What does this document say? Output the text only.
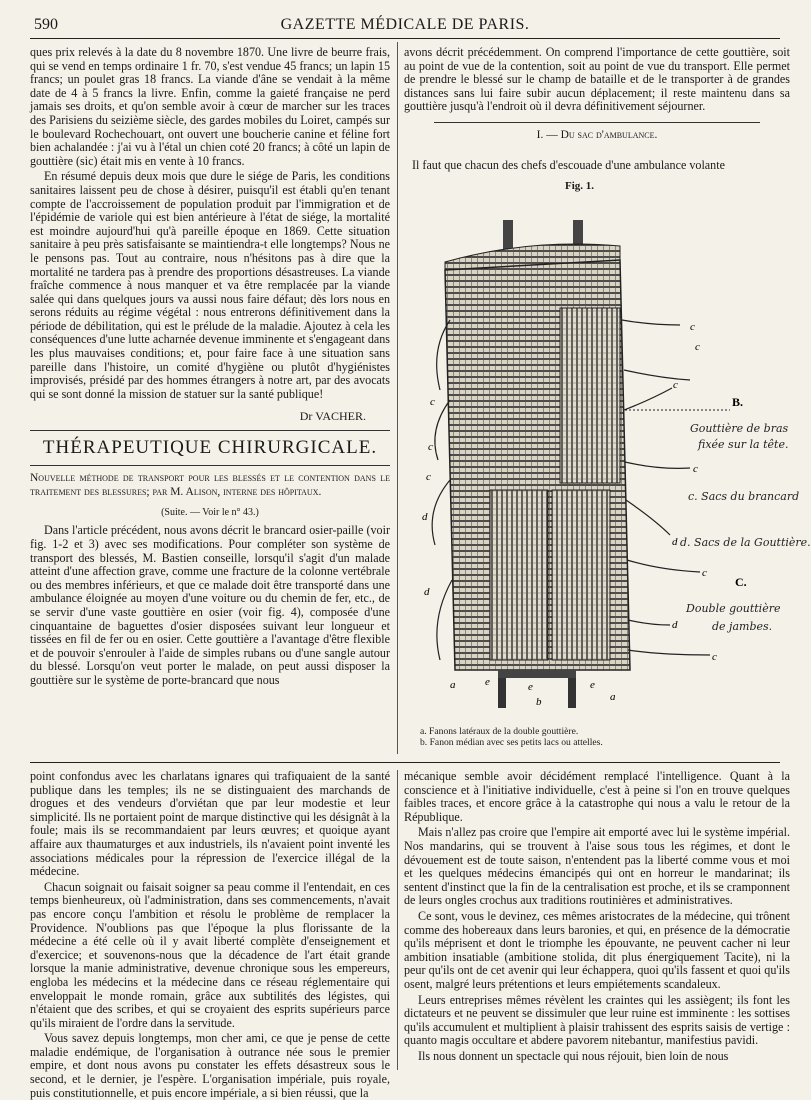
590	GAZETTE MÉDICALE DE PARIS.

ques prix relevés à la date du 8 novembre 1870. Une livre de beurre frais, qui se vend en temps ordinaire 1 fr. 70, s'est vendue 45 francs; un lapin 15 francs; un poulet gras 18 francs. La viande d'âne se vendait à la même date de 4 à 5 francs la livre. Enfin, comme la gaieté française ne perd jamais ses droits, et qu'on semble avoir à cœur de marcher sur les traces des Parisiens du seizième siècle, des gardes mobiles du Loiret, campés sur le boulevard Rochechouart, ont ouvert une boucherie canine et féline fort bien achalandée : j'ai vu à l'étal un chien coté 20 francs; à côté un lapin de gouttière (sic) était mis en vente à 10 francs.

En résumé depuis deux mois que dure le siége de Paris, les conditions sanitaires laissent peu de chose à désirer, puisqu'il est établi qu'en tenant compte de l'accroissement de population produit par l'immigration et de l'épidémie de variole qui est bien antérieure à l'état de siége, la mortalité est moindre aujourd'hui qu'à pareille époque en 1869. Cette situation sanitaire à peu près satisfaisante se maintiendra-t elle longtemps? Nous ne le pensons pas. Tout au contraire, nous n'hésitons pas à dire que la mortalité ne tardera pas à prendre des proportions désastreuses. La viande fraîche commence à nous manquer et va être remplacée par la viande salée qui dans quelques jours va aussi nous faire défaut; dès lors nous en serons réduits au régime végétal : nous entrerons définitivement dans la période de débilitation, qui est le prélude de la maladie. Ajoutez à cela les conséquences d'une lutte acharnée devenue imminente et s'engageant dans les plus mauvaises conditions; et, pour faire face à une situation sans pareille dans l'histoire, un comité d'hygiène ou plutôt d'hygiénistes improvisés, présidé par des hommes étrangers à notre art, par des avocats qui se sont donné la mission de statuer sur la santé publique!

Dr VACHER.
THÉRAPEUTIQUE CHIRURGICALE.
Nouvelle méthode de transport pour les blessés et le contention dans le traitement des blessures; par M. Alison, interne des hôpitaux.
(Suite. — Voir le n° 43.)

Dans l'article précédent, nous avons décrit le brancard osier-paille (voir fig. 1-2 et 3) avec ses modifications. Pour compléter son système de transport des blessés, M. Bastien conseille, lorsqu'il s'agit d'un malade atteint d'une affection grave, comme une fracture de la colonne vertébrale ou des membres inférieurs, et que ce malade doit être transporté dans une ambulance éloignée au moyen d'une voiture ou du chemin de fer, etc., de se servir d'une vaste gouttière en osier (voir fig. 4), composée d'une cinquantaine de baguettes d'osier disposées suivant leur longueur et tissées en fil de fer ou en osier. Cette gouttière a l'avantage d'être flexible et de pouvoir s'enrouler à l'aide de simples rubans ou d'une sangle autour du blessé. Lorsqu'on veut porter le malade, on peut aussi disposer la gouttière sur le système de porte-brancard que nous

avons décrit précédemment. On comprend l'importance de cette gouttière, soit au point de vue de la contention, soit au point de vue du transport. Elle permet de prendre le blessé sur le champ de bataille et de le transporter à de grandes distances sans lui faire subir aucun déplacement; il reste maintenu dans sa gouttière jusqu'à l'endroit où il devra définitivement séjourner.

I. — Du sac d'ambulance.
Il faut que chacun des chefs d'escouade d'une ambulance volante
Fig. 1.
c
c
c
B.
c
d
c
C.
d
c
c
c
c
d
d
e	e
e
b
a
a
Gouttière de bras
fixée sur la tête.
c. Sacs du brancard
d. Sacs de la Gouttière.
Double gouttière
de jambes.
a. Fanons latéraux de la double gouttière.
b. Fanon médian avec ses petits lacs ou attelles.

point confondus avec les charlatans ignares qui trafiquaient de la santé publique dans les temples; ils ne se distinguaient des marchands de drogues et des vendeurs d'orviétan que par leur modestie et leur simplicité. Ils ne portaient point de marque distinctive qui les désignât à la foule; mais ils se recommandaient par leurs œuvres; et quoique ayant affaire aux thaumaturges et aux industriels, ils n'avaient point inventé les associations médicales pour la répression de l'exercice illégal de la médecine.

Chacun soignait ou faisait soigner sa peau comme il l'entendait, en ces temps bienheureux, où l'administration, dans ses commencements, n'avait pas encore conçu l'ambition et résolu le problème de remplacer la Providence. N'oublions pas que l'époque la plus florissante de la médecine a été celle où il y avait liberté complète d'enseignement et d'exercice; et souvenons-nous que la décadence de l'art était grande lorsque la manie administrative, devenue chronique sous les empereurs, engloba les médecins et la médecine dans ce réseau réglementaire qui enveloppait le monde romain, grâce aux subtilités des légistes, qui n'étaient que des scribes, et qui se croyaient des esprits supérieurs parce qu'ils miraient de l'ordre dans la servitude.

Vous savez depuis longtemps, mon cher ami, ce que je pense de cette maladie endémique, de l'organisation à outrance née sous le premier empire, et dont nous avons pu constater les effets désastreux sous le second, et le dernier, je l'espère. L'organisation impériale, puis royale, puis constitutionnelle, et puis encore impériale, a si bien réussi, que la

mécanique semble avoir décidément remplacé l'intelligence. Quant à la conscience et à l'initiative individuelle, c'est à peine si l'on en trouve quelques faibles traces, et encore grâce à la catastrophe qui nous a valu le retour de la République.

Mais n'allez pas croire que l'empire ait emporté avec lui le système impérial. Nos mandarins, qui se trouvent à l'aise sous tous les régimes, et dont le dévouement est de toute saison, n'entendent pas la liberté comme vous et moi et les quelques médecins émancipés qui ont en horreur le mandarinat; ils sentent d'instinct que la fin de la centralisation est proche, et ils se cramponnent de leurs ongles crochus aux traditions routinières et administratives.

Ce sont, vous le devinez, ces mêmes aristocrates de la médecine, qui trônent comme des hobereaux dans leurs baronies, et qui, en présence de la démocratie qu'ils méprisent et dont le triomphe les épouvante, ne peuvent cacher ni leur ambition insatiable (ambitione stolida, dit plus énergiquement Tacite), ni la peur qu'ils ont de cet avenir qui leur échappera, quoi qu'ils fassent et quoi qu'ils osent, malgré leurs prétentions et leurs empiétements scandaleux.

Leurs entreprises mêmes révèlent les craintes qui les assiègent; ils font les dictateurs et ne peuvent se dissimuler que leur ruine est imminente : les sottises qu'ils accumulent et multiplient à plaisir trahissent des esprits saisis de vertige : quanto magis occultare et abdere pavorem nitebantur, manifestius pavidi.

Ils nous donnent un spectacle qui nous réjouit, bien loin de nous
